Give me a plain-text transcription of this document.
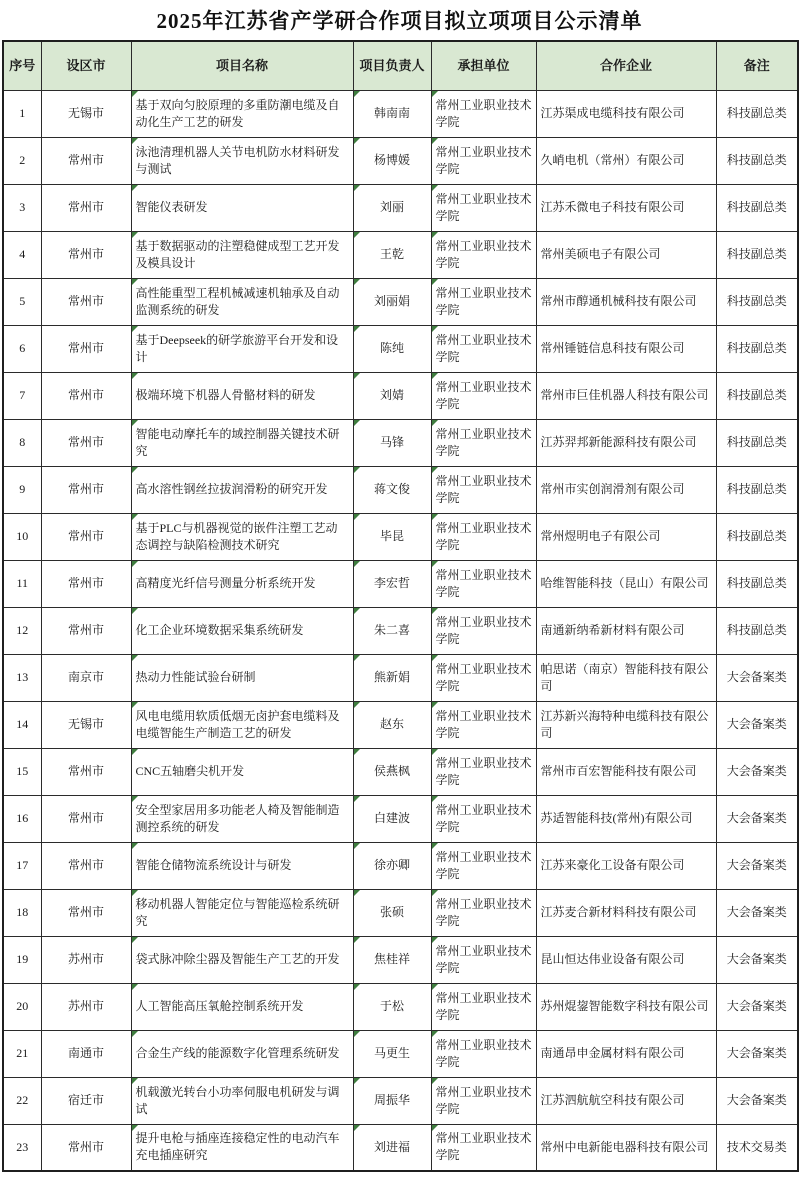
2025年江苏省产学研合作项目拟立项项目公示清单
序号	设区市	项目名称	项目负责人	承担单位	合作企业	备注
1	无锡市	基于双向匀胶原理的多重防潮电缆及自动化生产工艺的研发	韩南南	常州工业职业技术学院	江苏渠成电缆科技有限公司	科技副总类
2	常州市	泳池清理机器人关节电机防水材料研发与测试	杨博媛	常州工业职业技术学院	久峭电机（常州）有限公司	科技副总类
3	常州市	智能仪表研发	刘丽	常州工业职业技术学院	江苏禾微电子科技有限公司	科技副总类
4	常州市	基于数据驱动的注塑稳健成型工艺开发及模具设计	王乾	常州工业职业技术学院	常州美硕电子有限公司	科技副总类
5	常州市	高性能重型工程机械减速机轴承及自动监测系统的研发	刘丽娟	常州工业职业技术学院	常州市醇通机械科技有限公司	科技副总类
6	常州市	基于Deepseek的研学旅游平台开发和设计	陈纯	常州工业职业技术学院	常州锤链信息科技有限公司	科技副总类
7	常州市	极端环境下机器人骨骼材料的研发	刘婧	常州工业职业技术学院	常州市巨佳机器人科技有限公司	科技副总类
8	常州市	智能电动摩托车的域控制器关键技术研究	马锋	常州工业职业技术学院	江苏羿邦新能源科技有限公司	科技副总类
9	常州市	高水溶性钢丝拉拔润滑粉的研究开发	蒋文俊	常州工业职业技术学院	常州市实创润滑剂有限公司	科技副总类
10	常州市	基于PLC与机器视觉的嵌件注塑工艺动态调控与缺陷检测技术研究	毕昆	常州工业职业技术学院	常州煜明电子有限公司	科技副总类
11	常州市	高精度光纤信号测量分析系统开发	李宏哲	常州工业职业技术学院	哈维智能科技（昆山）有限公司	科技副总类
12	常州市	化工企业环境数据采集系统研发	朱二喜	常州工业职业技术学院	南通新纳希新材料有限公司	科技副总类
13	南京市	热动力性能试验台研制	熊新娟	常州工业职业技术学院	帕思诺（南京）智能科技有限公司	大会备案类
14	无锡市	风电电缆用软质低烟无卤护套电缆料及电缆智能生产制造工艺的研发	赵东	常州工业职业技术学院	江苏新兴海特种电缆科技有限公司	大会备案类
15	常州市	CNC五轴磨尖机开发	侯燕枫	常州工业职业技术学院	常州市百宏智能科技有限公司	大会备案类
16	常州市	安全型家居用多功能老人椅及智能制造测控系统的研发	白建波	常州工业职业技术学院	苏适智能科技(常州)有限公司	大会备案类
17	常州市	智能仓储物流系统设计与研发	徐亦卿	常州工业职业技术学院	江苏来豪化工设备有限公司	大会备案类
18	常州市	移动机器人智能定位与智能巡检系统研究	张硕	常州工业职业技术学院	江苏麦合新材料科技有限公司	大会备案类
19	苏州市	袋式脉冲除尘器及智能生产工艺的开发	焦桂祥	常州工业职业技术学院	昆山恒达伟业设备有限公司	大会备案类
20	苏州市	人工智能高压氧舱控制系统开发	于松	常州工业职业技术学院	苏州焜鋆智能数字科技有限公司	大会备案类
21	南通市	合金生产线的能源数字化管理系统研发	马更生	常州工业职业技术学院	南通昂申金属材料有限公司	大会备案类
22	宿迁市	机载激光转台小功率伺服电机研发与调试	周振华	常州工业职业技术学院	江苏泗航航空科技有限公司	大会备案类
23	常州市	提升电枪与插座连接稳定性的电动汽车充电插座研究	刘进福	常州工业职业技术学院	常州中电新能电器科技有限公司	技术交易类
